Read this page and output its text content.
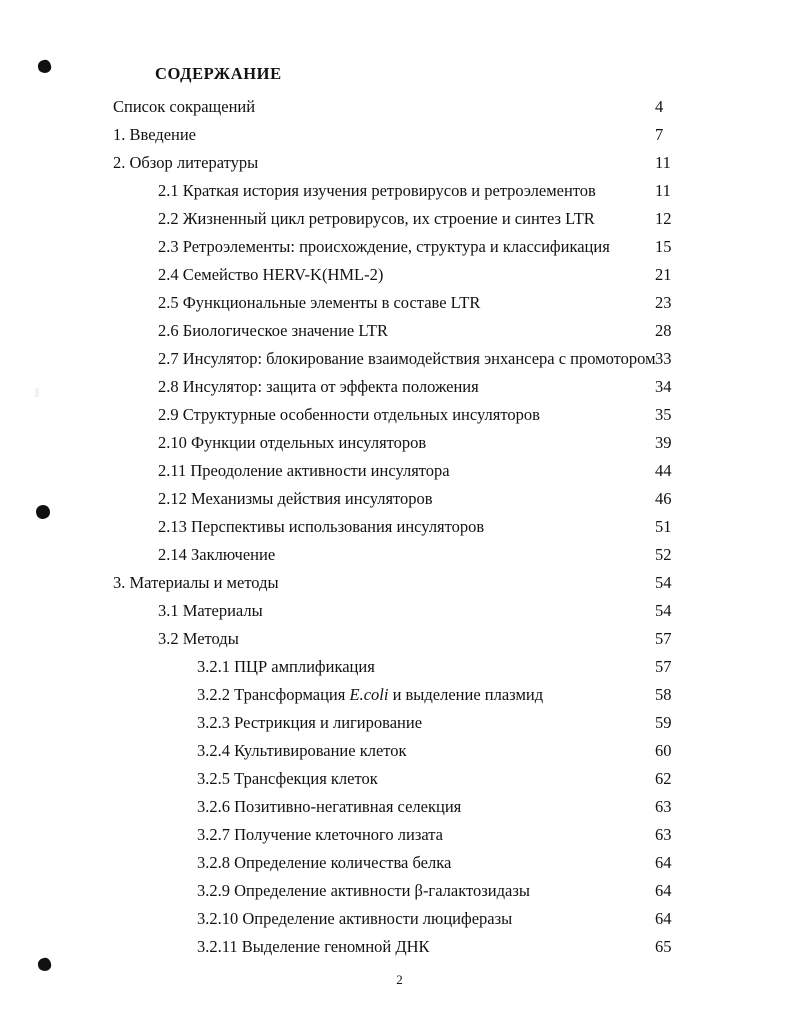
СОДЕРЖАНИЕ
Список сокращений	4
1. Введение	7
2. Обзор литературы	11
2.1 Краткая история изучения ретровирусов и ретроэлементов	11
2.2 Жизненный цикл ретровирусов, их строение и синтез LTR	12
2.3 Ретроэлементы: происхождение, структура и классификация	15
2.4 Семейство HERV-K(HML-2)	21
2.5 Функциональные элементы в составе LTR	23
2.6 Биологическое значение LTR	28
2.7 Инсулятор: блокирование взаимодействия энхансера с промотором 33
2.8 Инсулятор: защита от эффекта положения	34
2.9 Структурные особенности отдельных инсуляторов	35
2.10 Функции отдельных инсуляторов	39
2.11 Преодоление активности инсулятора	44
2.12 Механизмы действия инсуляторов	46
2.13 Перспективы использования инсуляторов	51
2.14 Заключение	52
3. Материалы и методы	54
3.1 Материалы	54
3.2 Методы	57
3.2.1 ПЦР амплификация	57
3.2.2 Трансформация E.coli и выделение плазмид	58
3.2.3 Рестрикция и лигирование	59
3.2.4 Культивирование клеток	60
3.2.5 Трансфекция клеток	62
3.2.6 Позитивно-негативная селекция	63
3.2.7 Получение клеточного лизата	63
3.2.8 Определение количества белка	64
3.2.9 Определение активности β-галактозидазы	64
3.2.10 Определение активности люциферазы	64
3.2.11 Выделение геномной ДНК	65
2
